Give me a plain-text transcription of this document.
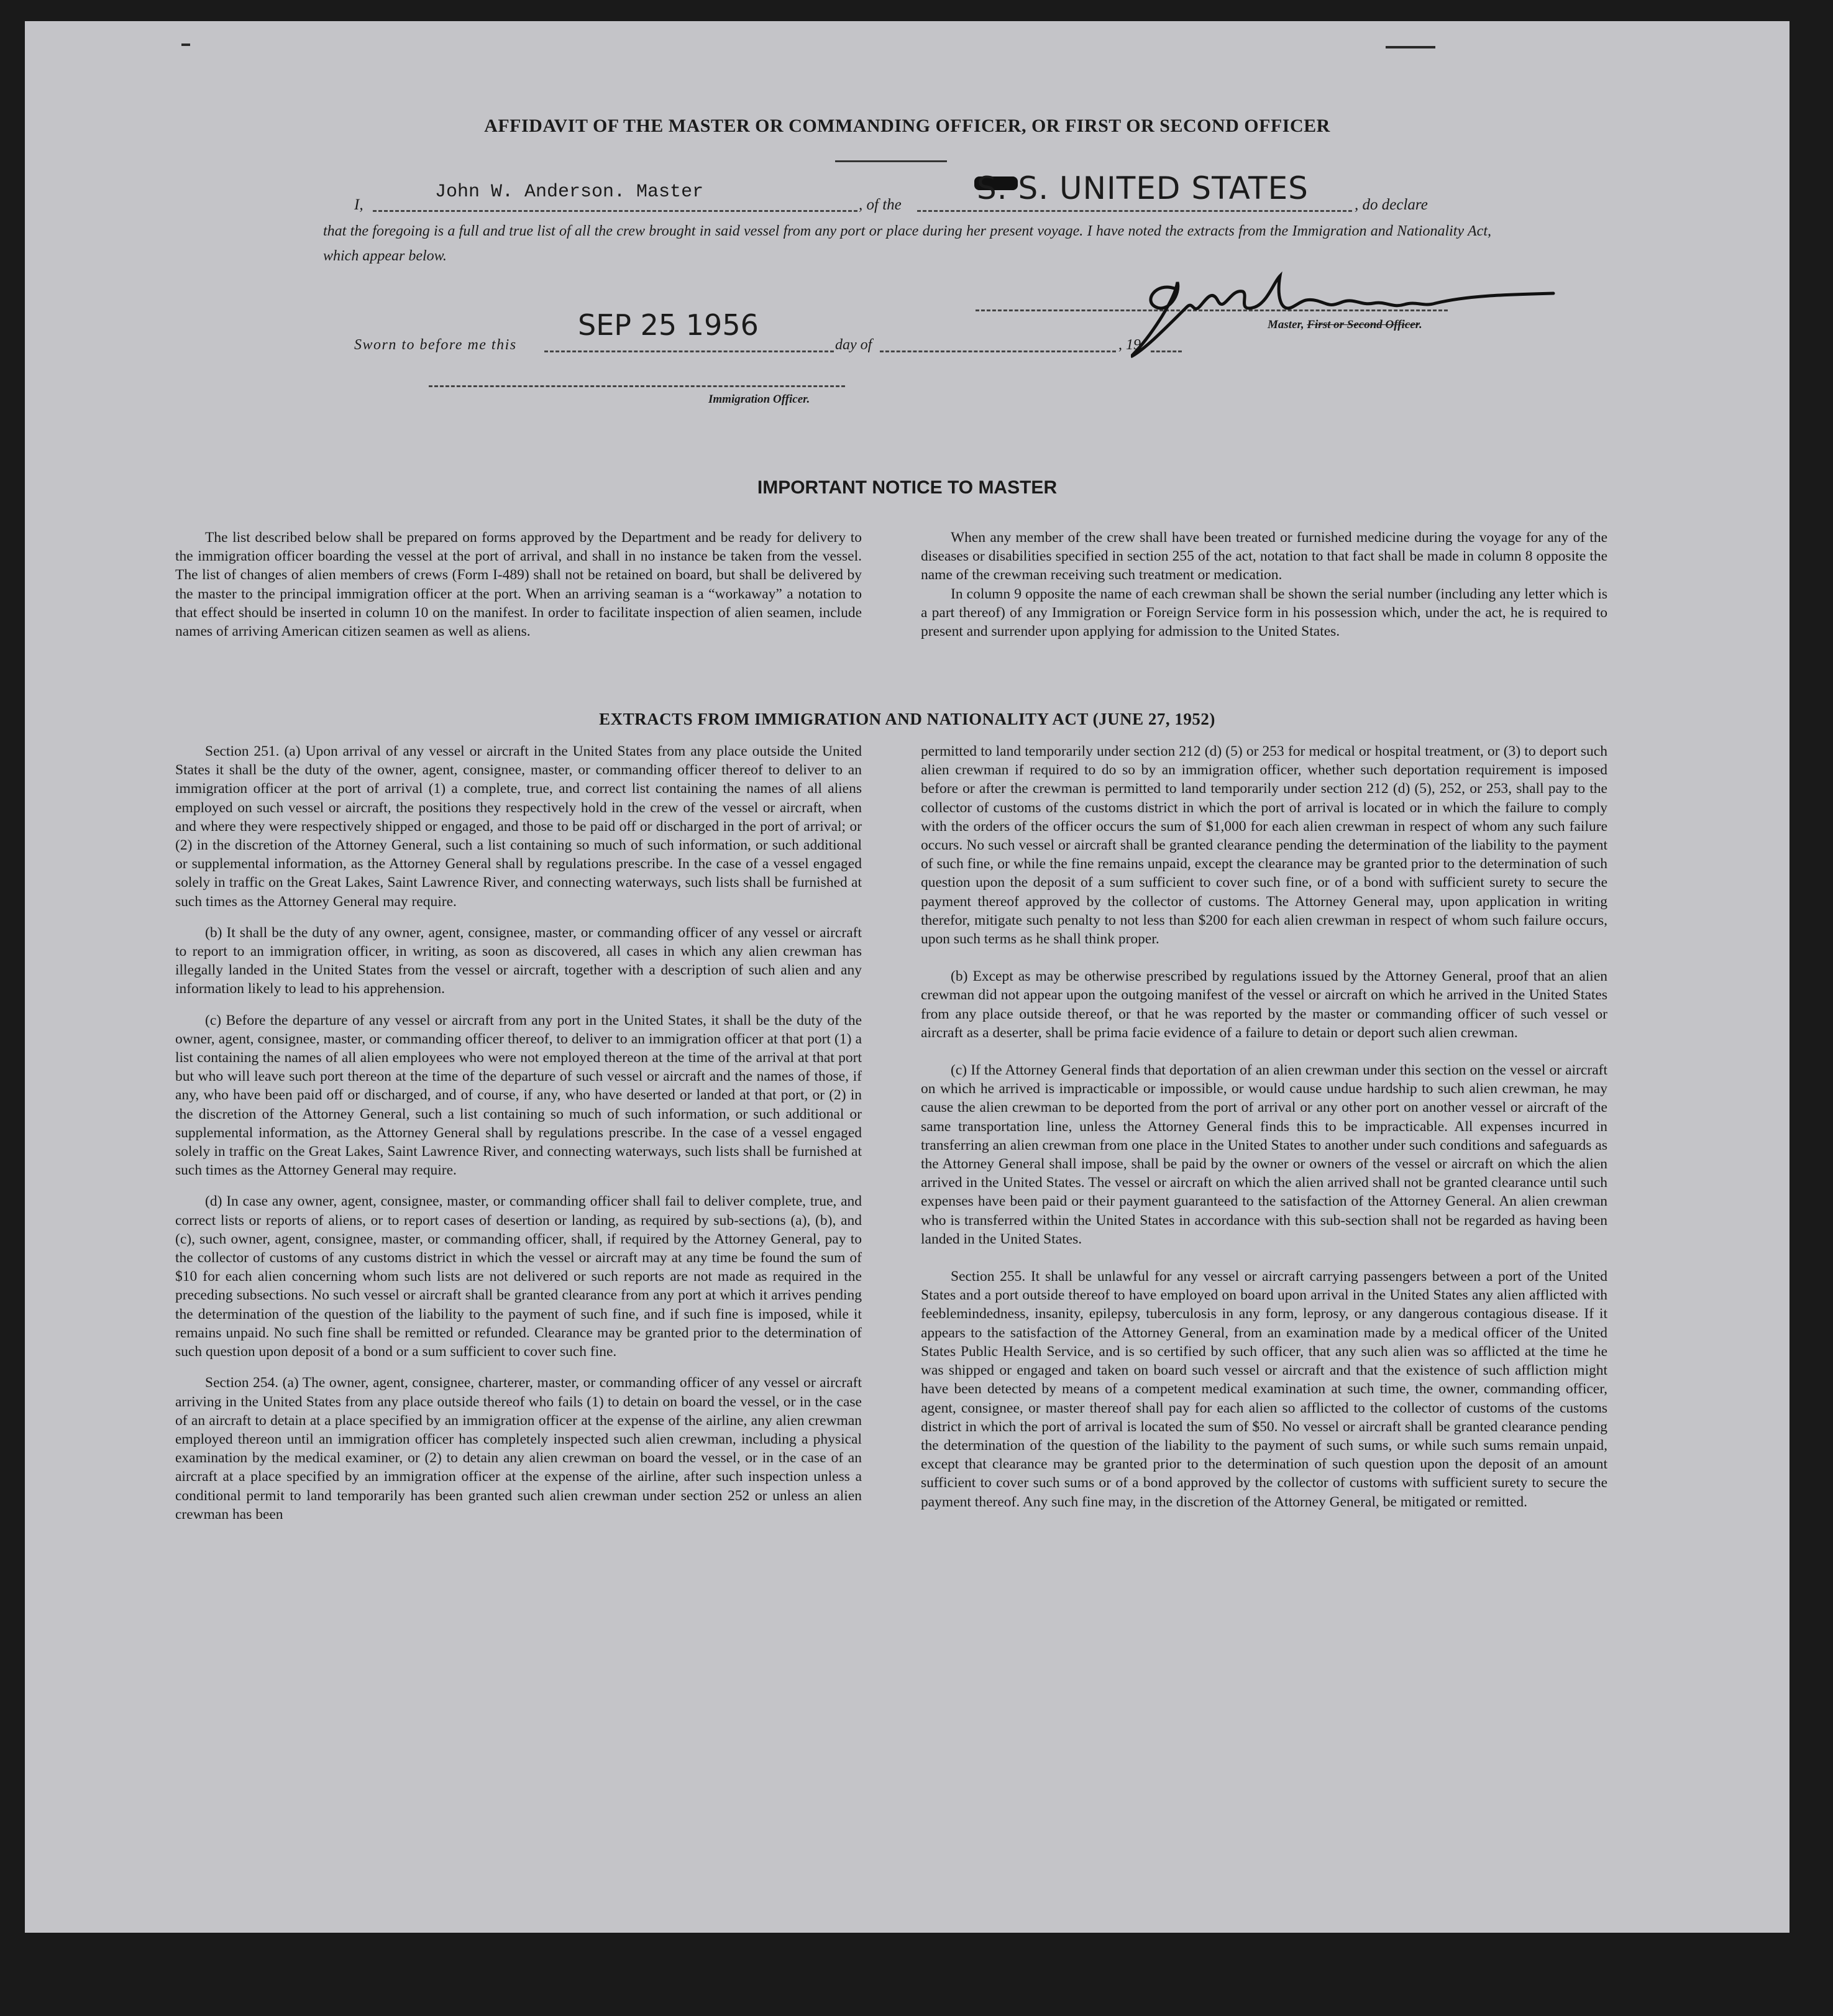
AFFIDAVIT OF THE MASTER OR COMMANDING OFFICER, OR FIRST OR SECOND OFFICER
I,
John W. Anderson. Master
, of the S. S. UNITED STATES	, do declare
that the foregoing is a full and true list of all the crew brought in said vessel from any port or place during her present voyage. I have noted the extracts from the Immigration and Nationality Act, which appear below.
Master, First or Second Officer.
Sworn to before me this
SEP 25 1956
day of	, 19
Immigration Officer.
IMPORTANT NOTICE TO MASTER

The list described below shall be prepared on forms approved by the Department and be ready for delivery to the immigration officer boarding the vessel at the port of arrival, and shall in no instance be taken from the vessel. The list of changes of alien members of crews (Form I-489) shall not be retained on board, but shall be delivered by the master to the principal immigration officer at the port. When an arriving seaman is a “workaway” a notation to that effect should be inserted in column 10 on the manifest. In order to facilitate inspection of alien seamen, include names of arriving American citizen seamen as well as aliens.

When any member of the crew shall have been treated or furnished medicine during the voyage for any of the diseases or disabilities specified in section 255 of the act, notation to that fact shall be made in column 8 opposite the name of the crewman receiving such treatment or medication.

In column 9 opposite the name of each crewman shall be shown the serial number (including any letter which is a part thereof) of any Immigration or Foreign Service form in his possession which, under the act, he is required to present and surrender upon applying for admission to the United States.

EXTRACTS FROM IMMIGRATION AND NATIONALITY ACT (JUNE 27, 1952)

Section 251. (a) Upon arrival of any vessel or aircraft in the United States from any place outside the United States it shall be the duty of the owner, agent, consignee, master, or commanding officer thereof to deliver to an immigration officer at the port of arrival (1) a complete, true, and correct list containing the names of all aliens employed on such vessel or aircraft, the positions they respectively hold in the crew of the vessel or aircraft, when and where they were respectively shipped or engaged, and those to be paid off or discharged in the port of arrival; or (2) in the discretion of the Attorney General, such a list containing so much of such information, or such additional or supplemental information, as the Attorney General shall by regulations prescribe. In the case of a vessel engaged solely in traffic on the Great Lakes, Saint Lawrence River, and connecting waterways, such lists shall be furnished at such times as the Attorney General may require.

(b) It shall be the duty of any owner, agent, consignee, master, or commanding officer of any vessel or aircraft to report to an immigration officer, in writing, as soon as discovered, all cases in which any alien crewman has illegally landed in the United States from the vessel or aircraft, together with a description of such alien and any information likely to lead to his apprehension.

(c) Before the departure of any vessel or aircraft from any port in the United States, it shall be the duty of the owner, agent, consignee, master, or commanding officer thereof, to deliver to an immigration officer at that port (1) a list containing the names of all alien employees who were not employed thereon at the time of the arrival at that port but who will leave such port thereon at the time of the departure of such vessel or aircraft and the names of those, if any, who have been paid off or discharged, and of course, if any, who have deserted or landed at that port, or (2) in the discretion of the Attorney General, such a list containing so much of such information, or such additional or supplemental information, as the Attorney General shall by regulations prescribe. In the case of a vessel engaged solely in traffic on the Great Lakes, Saint Lawrence River, and connecting waterways, such lists shall be furnished at such times as the Attorney General may require.

(d) In case any owner, agent, consignee, master, or commanding officer shall fail to deliver complete, true, and correct lists or reports of aliens, or to report cases of desertion or landing, as required by sub-sections (a), (b), and (c), such owner, agent, consignee, master, or commanding officer, shall, if required by the Attorney General, pay to the collector of customs of any customs district in which the vessel or aircraft may at any time be found the sum of $10 for each alien concerning whom such lists are not delivered or such reports are not made as required in the preceding subsections. No such vessel or aircraft shall be granted clearance from any port at which it arrives pending the determination of the question of the liability to the payment of such fine, and if such fine is imposed, while it remains unpaid. No such fine shall be remitted or refunded. Clearance may be granted prior to the determination of such question upon deposit of a bond or a sum sufficient to cover such fine.

Section 254. (a) The owner, agent, consignee, charterer, master, or commanding officer of any vessel or aircraft arriving in the United States from any place outside thereof who fails (1) to detain on board the vessel, or in the case of an aircraft to detain at a place specified by an immigration officer at the expense of the airline, any alien crewman employed thereon until an immigration officer has completely inspected such alien crewman, including a physical examination by the medical examiner, or (2) to detain any alien crewman on board the vessel, or in the case of an aircraft at a place specified by an immigration officer at the expense of the airline, after such inspection unless a conditional permit to land temporarily has been granted such alien crewman under section 252 or unless an alien crewman has been

permitted to land temporarily under section 212 (d) (5) or 253 for medical or hospital treatment, or (3) to deport such alien crewman if required to do so by an immigration officer, whether such deportation requirement is imposed before or after the crewman is permitted to land temporarily under section 212 (d) (5), 252, or 253, shall pay to the collector of customs of the customs district in which the port of arrival is located or in which the failure to comply with the orders of the officer occurs the sum of $1,000 for each alien crewman in respect of whom any such failure occurs. No such vessel or aircraft shall be granted clearance pending the determination of the liability to the payment of such fine, or while the fine remains unpaid, except the clearance may be granted prior to the determination of such question upon the deposit of a sum sufficient to cover such fine, or of a bond with sufficient surety to secure the payment thereof approved by the collector of customs. The Attorney General may, upon application in writing therefor, mitigate such penalty to not less than $200 for each alien crewman in respect of whom such failure occurs, upon such terms as he shall think proper.

(b) Except as may be otherwise prescribed by regulations issued by the Attorney General, proof that an alien crewman did not appear upon the outgoing manifest of the vessel or aircraft on which he arrived in the United States from any place outside thereof, or that he was reported by the master or commanding officer of such vessel or aircraft as a deserter, shall be prima facie evidence of a failure to detain or deport such alien crewman.

(c) If the Attorney General finds that deportation of an alien crewman under this section on the vessel or aircraft on which he arrived is impracticable or impossible, or would cause undue hardship to such alien crewman, he may cause the alien crewman to be deported from the port of arrival or any other port on another vessel or aircraft of the same transportation line, unless the Attorney General finds this to be impracticable. All expenses incurred in transferring an alien crewman from one place in the United States to another under such conditions and safeguards as the Attorney General shall impose, shall be paid by the owner or owners of the vessel or aircraft on which the alien arrived in the United States. The vessel or aircraft on which the alien arrived shall not be granted clearance until such expenses have been paid or their payment guaranteed to the satisfaction of the Attorney General. An alien crewman who is transferred within the United States in accordance with this sub-section shall not be regarded as having been landed in the United States.

Section 255. It shall be unlawful for any vessel or aircraft carrying passengers between a port of the United States and a port outside thereof to have employed on board upon arrival in the United States any alien afflicted with feeblemindedness, insanity, epilepsy, tuberculosis in any form, leprosy, or any dangerous contagious disease. If it appears to the satisfaction of the Attorney General, from an examination made by a medical officer of the United States Public Health Service, and is so certified by such officer, that any such alien was so afflicted at the time he was shipped or engaged and taken on board such vessel or aircraft and that the existence of such affliction might have been detected by means of a competent medical examination at such time, the owner, commanding officer, agent, consignee, or master thereof shall pay for each alien so afflicted to the collector of customs of the customs district in which the port of arrival is located the sum of $50. No vessel or aircraft shall be granted clearance pending the determination of the question of the liability to the payment of such sums, or while such sums remain unpaid, except that clearance may be granted prior to the determination of such question upon the deposit of an amount sufficient to cover such sums or of a bond approved by the collector of customs with sufficient surety to secure the payment thereof. Any such fine may, in the discretion of the Attorney General, be mitigated or remitted.
